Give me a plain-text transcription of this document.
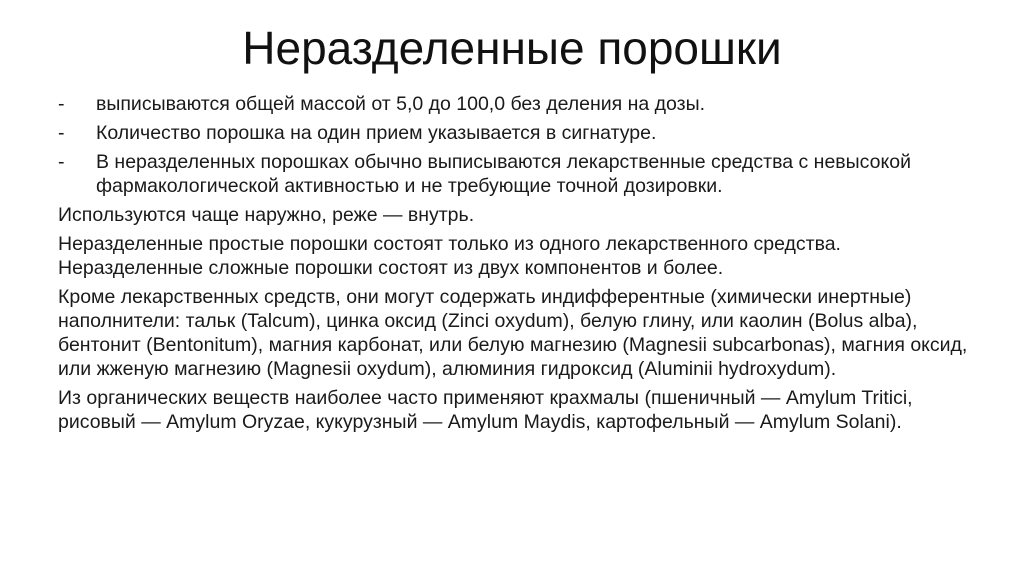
Неразделенные порошки
-	выписываются общей массой от 5,0 до 100,0 без деления на дозы.
-	Количество порошка на один прием указывается в сигнатуре.
-	В неразделенных порошках обычно выписываются лекарственные средства с невысокой фармакологической активностью и не требующие точной дозировки.
Используются чаще наружно, реже — внутрь.
Неразделенные простые порошки состоят только из одного лекарственного средства. Неразделенные сложные порошки состоят из двух компонентов и более.
Кроме лекарственных средств, они могут содержать индифферентные (химически инертные) наполнители: тальк (Talcum), цинка оксид (Zinci oxydum), белую глину, или каолин (Bolus alba), бентонит (Bentonitum), магния карбонат, или белую магнезию (Magnesii subcarbonas), магния оксид, или жженую магнезию (Magnesii oxydum), алюминия гидроксид (Aluminii hydroxydum).
Из органических веществ наиболее часто применяют крахмалы (пшеничный — Amylum Tritici, рисовый — Amylum Oryzae, кукурузный — Amylum Maydis, картофельный — Amylum Solani).
